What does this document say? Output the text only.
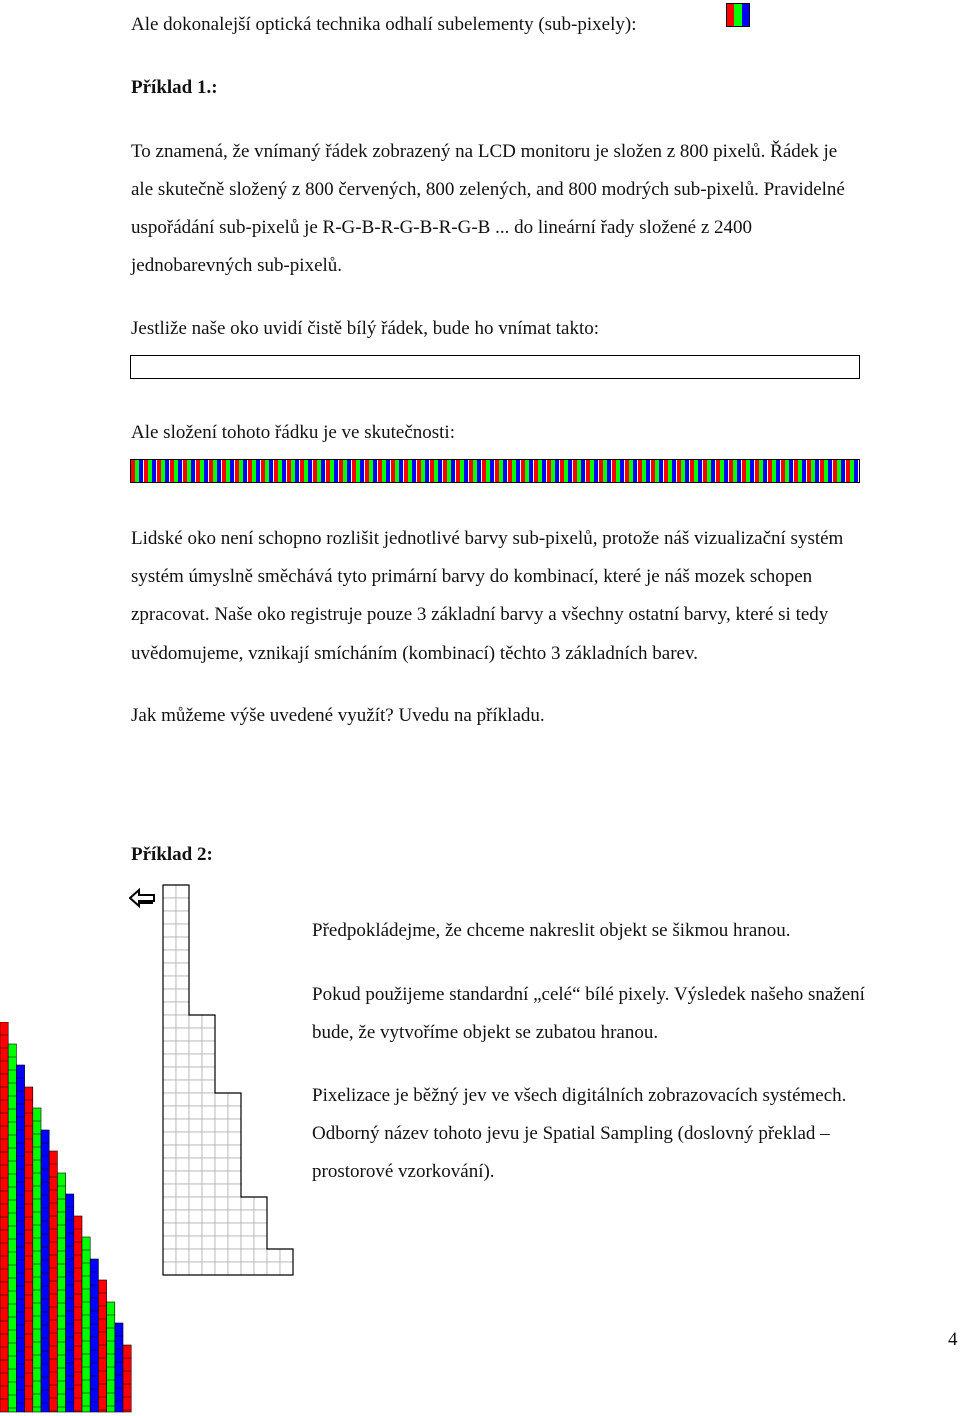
Ale dokonalejší optická technika odhalí subelementy (sub-pixely):
Příklad 1.:
To znamená, že vnímaný řádek zobrazený na LCD monitoru je složen z 800 pixelů. Řádek je
ale skutečně složený z 800 červených, 800 zelených, and 800 modrých sub-pixelů. Pravidelné
uspořádání sub-pixelů je R-G-B-R-G-B-R-G-B ... do lineární řady složené z 2400
jednobarevných sub-pixelů.
Jestliže naše oko uvidí čistě bílý řádek, bude ho vnímat takto:
Ale složení tohoto řádku je ve skutečnosti:
Lidské oko není schopno rozlišit jednotlivé barvy sub-pixelů, protože náš vizualizační systém
systém úmyslně směchává tyto primární barvy do kombinací, které je náš mozek schopen
zpracovat. Naše oko registruje pouze 3 základní barvy a všechny ostatní barvy, které si tedy
uvědomujeme, vznikají smícháním (kombinací) těchto 3 základních barev.
Jak můžeme výše uvedené využít? Uvedu na příkladu.
Příklad 2:
Předpokládejme, že chceme nakreslit objekt se šikmou hranou.
Pokud použijeme standardní „celé“ bílé pixely. Výsledek našeho snažení
bude, že vytvoříme objekt se zubatou hranou.
Pixelizace je běžný jev ve všech digitálních zobrazovacích systémech.
Odborný název tohoto jevu je Spatial Sampling (doslovný překlad –
prostorové vzorkování).
4
